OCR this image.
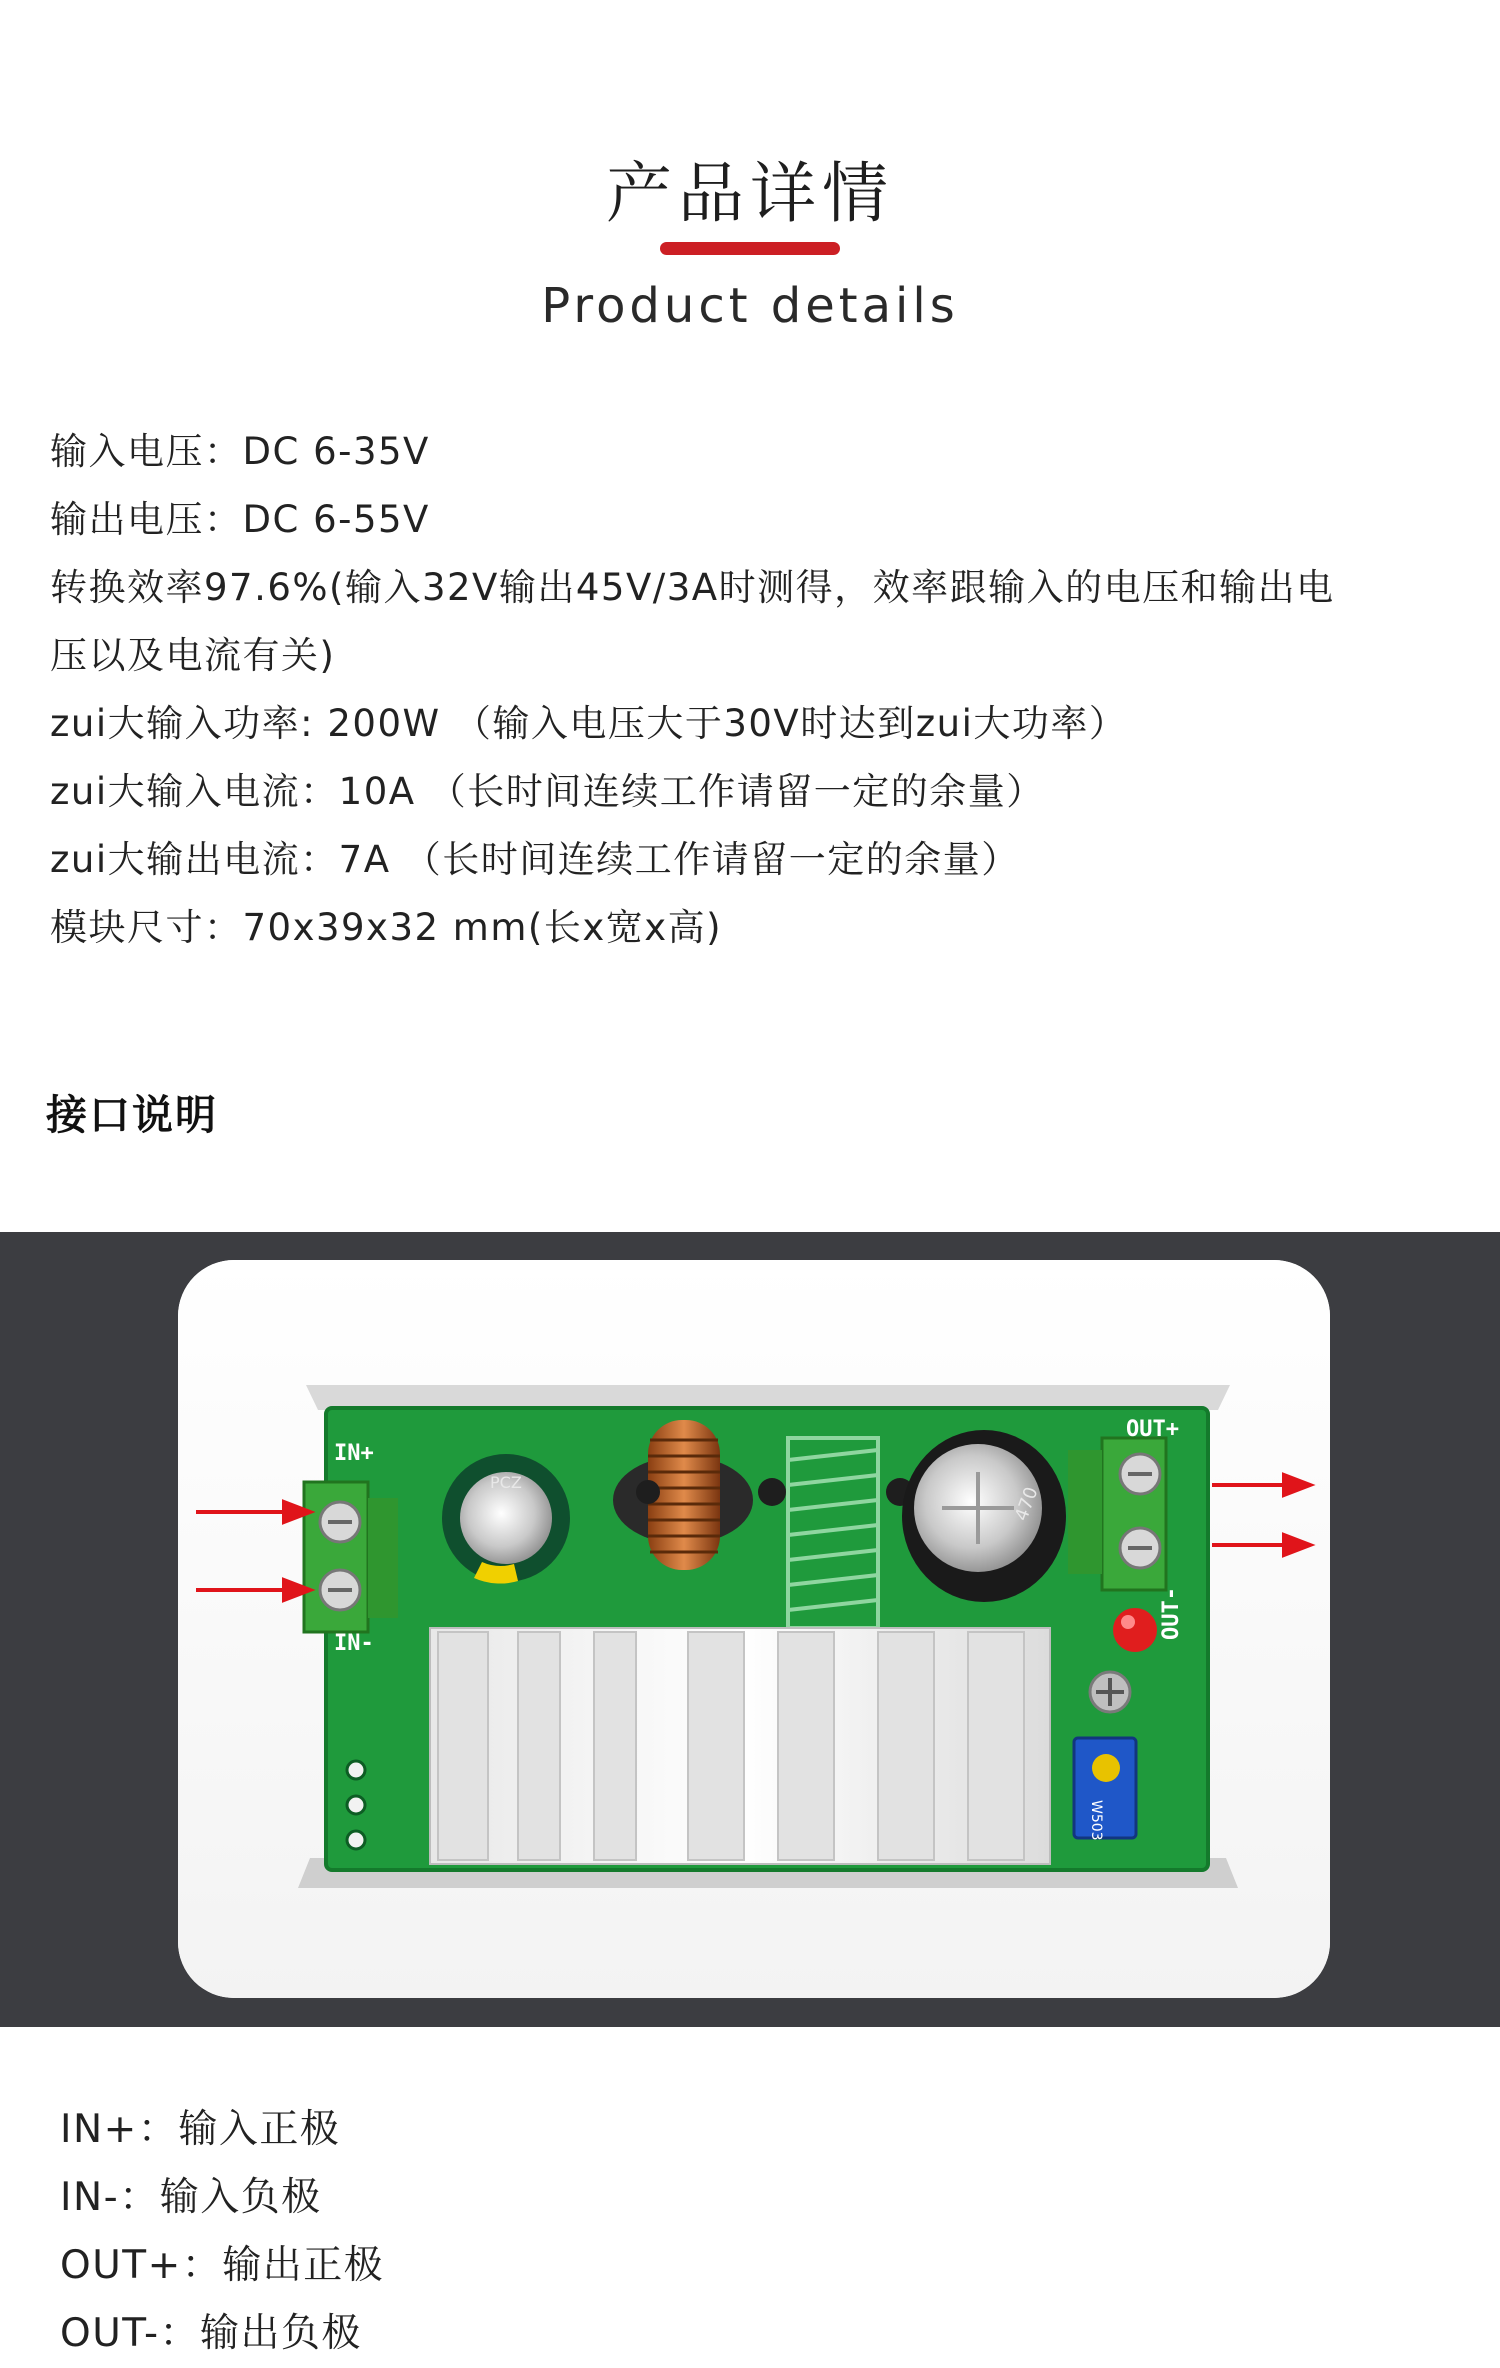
产品详情
Product details
输入电压：DC 6-35V
输出电压：DC 6-55V
转换效率97.6%(输入32V输出45V/3A时测得，效率跟输入的电压和输出电
压以及电流有关)
zui大输入功率: 200W （输入电压大于30V时达到zui大功率）
zui大输入电流：10A （长时间连续工作请留一定的余量）
zui大输出电流：7A （长时间连续工作请留一定的余量）
模块尺寸：70x39x32 mm(长x宽x高)
接口说明
IN+
IN-
OUT+
OUT-
PCZ
470
W503
IN+：输入正极
IN-：输入负极
OUT+：输出正极
OUT-：输出负极
